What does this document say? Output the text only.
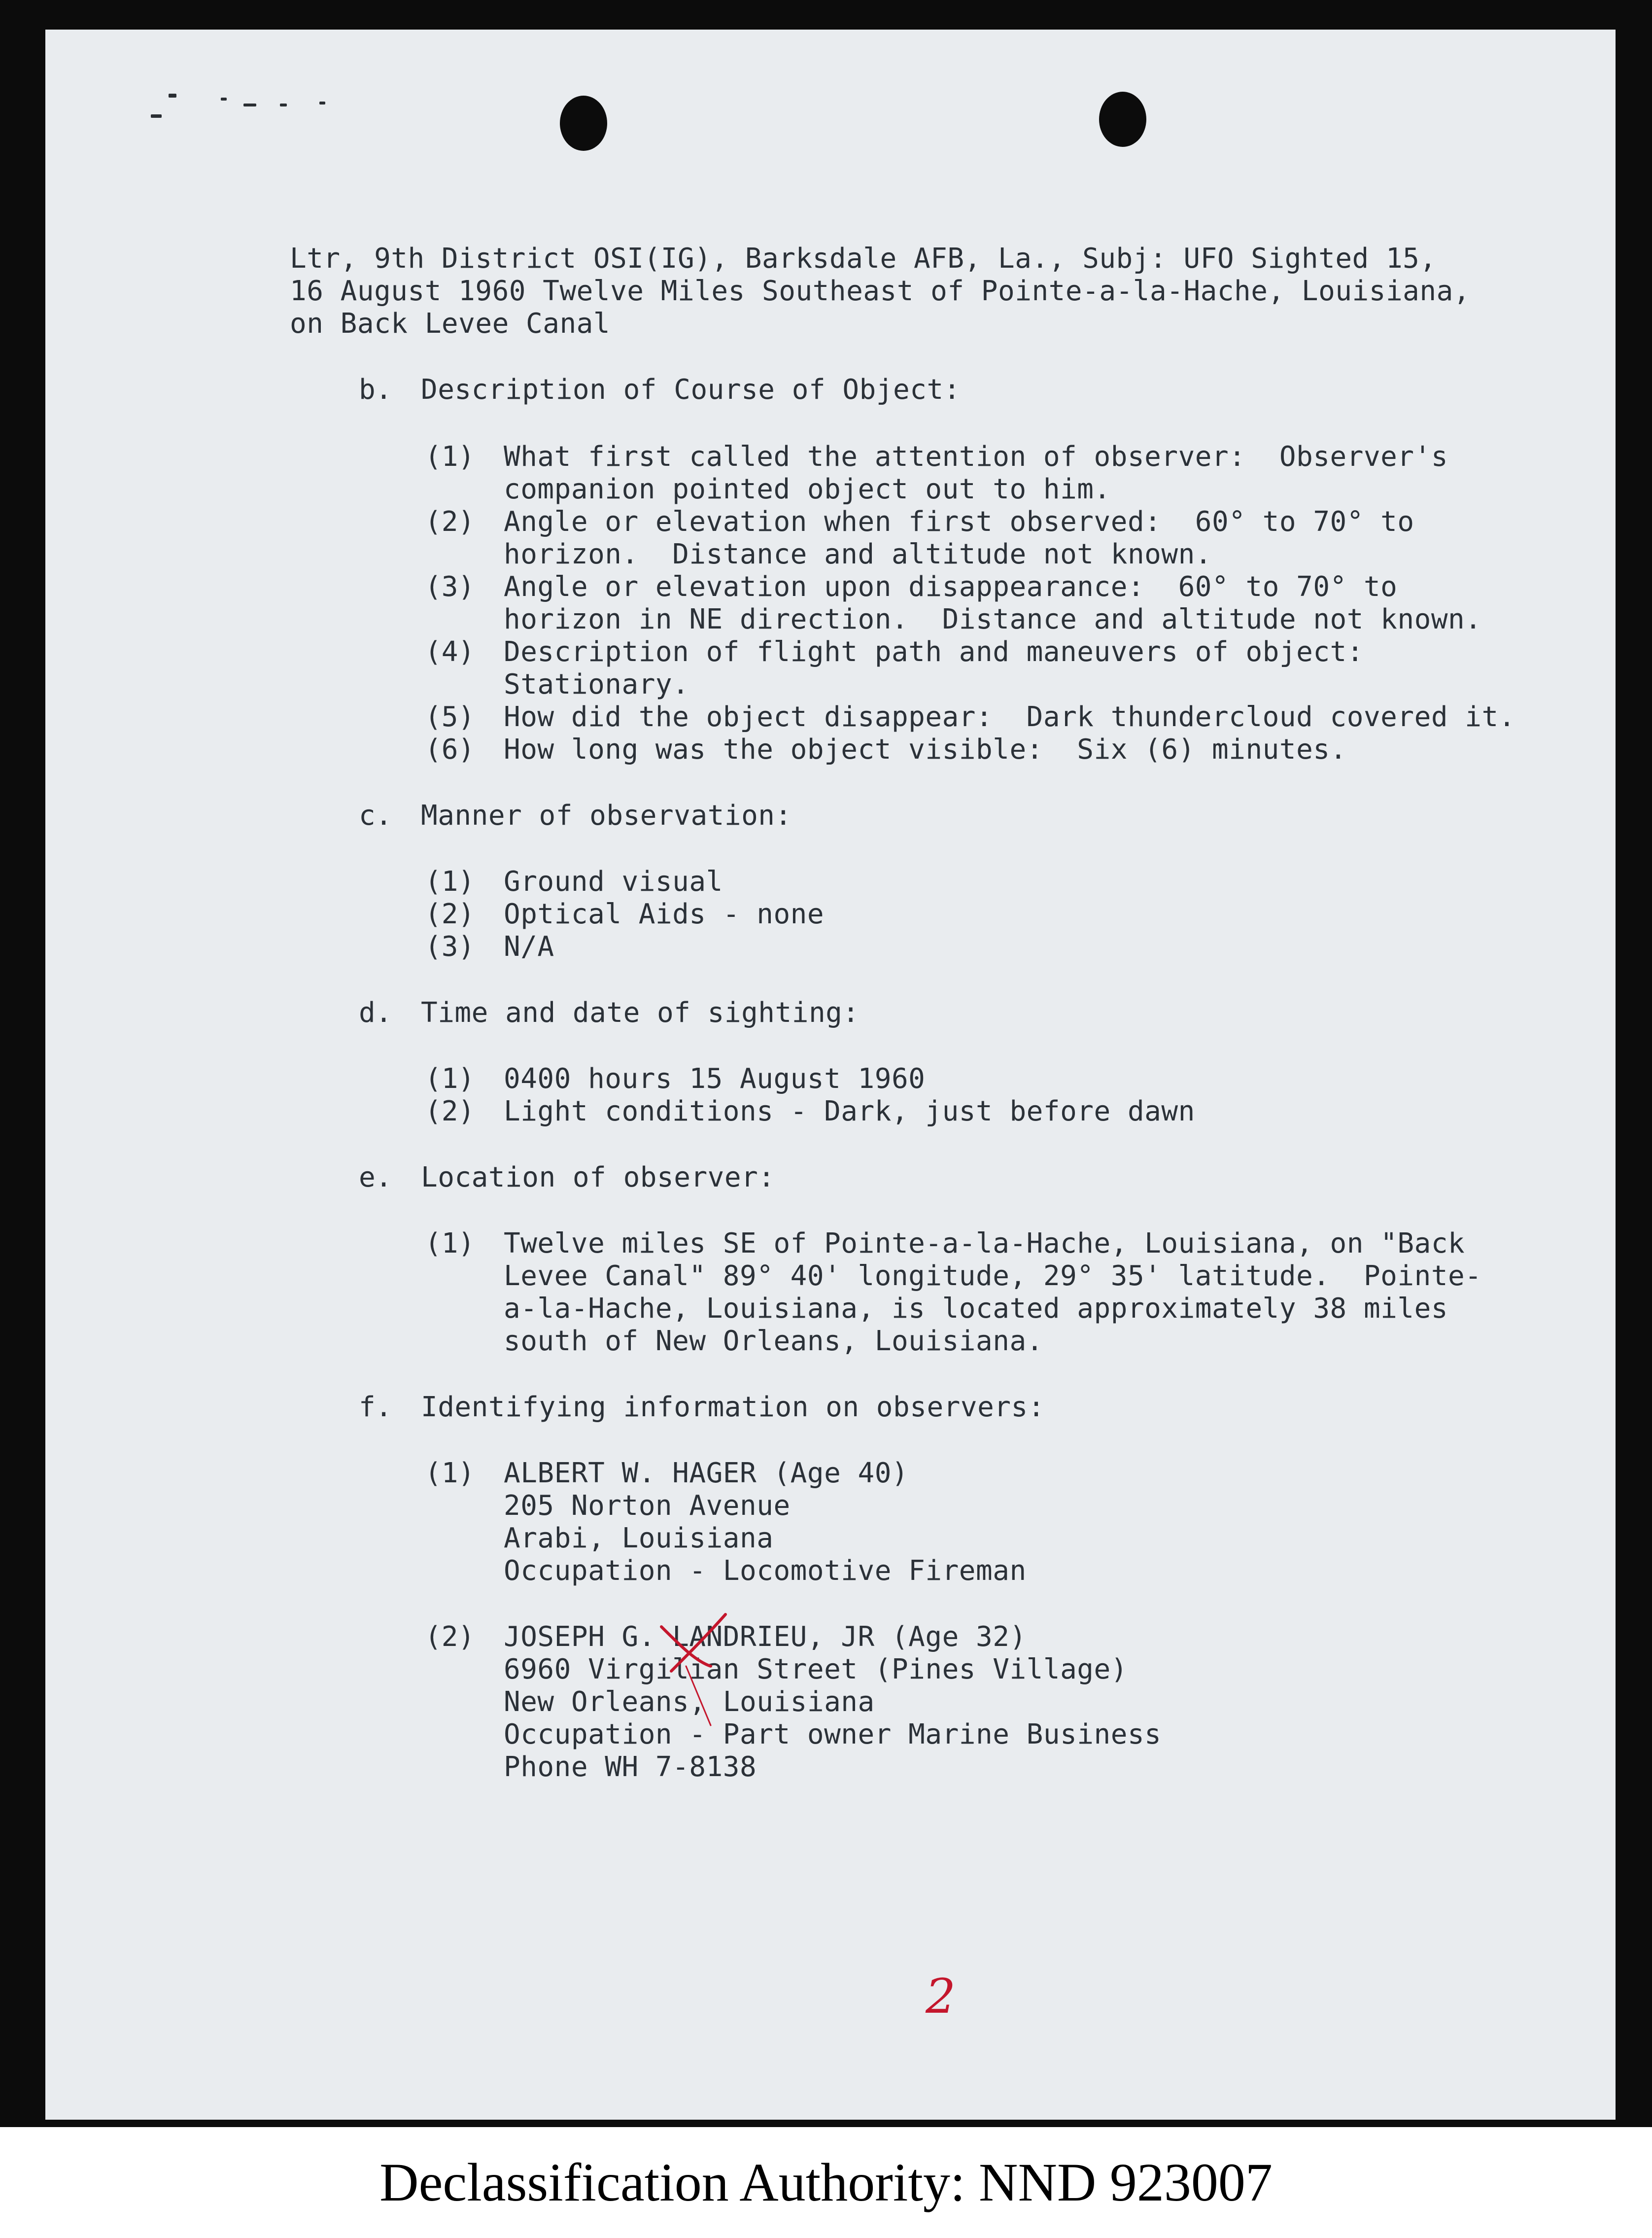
Ltr, 9th District OSI(IG), Barksdale AFB, La., Subj: UFO Sighted 15,
16 August 1960 Twelve Miles Southeast of Pointe-a-la-Hache, Louisiana,
on Back Levee Canal
b. Description of Course of Object:
(1) What first called the attention of observer:  Observer's
companion pointed object out to him.
(2) Angle or elevation when first observed:  60° to 70° to
horizon.  Distance and altitude not known.
(3) Angle or elevation upon disappearance:  60° to 70° to
horizon in NE direction.  Distance and altitude not known.
(4) Description of flight path and maneuvers of object:
Stationary.
(5) How did the object disappear:  Dark thundercloud covered it.
(6) How long was the object visible:  Six (6) minutes.
c. Manner of observation:
(1) Ground visual
(2) Optical Aids - none
(3) N/A
d. Time and date of sighting:
(1) 0400 hours 15 August 1960
(2) Light conditions - Dark, just before dawn
e. Location of observer:
(1) Twelve miles SE of Pointe-a-la-Hache, Louisiana, on "Back
Levee Canal" 89° 40' longitude, 29° 35' latitude.  Pointe-
a-la-Hache, Louisiana, is located approximately 38 miles
south of New Orleans, Louisiana.
f. Identifying information on observers:
(1) ALBERT W. HAGER (Age 40)
205 Norton Avenue
Arabi, Louisiana
Occupation - Locomotive Fireman
(2) JOSEPH G. LANDRIEU, JR (Age 32)
6960 Virgilian Street (Pines Village)
New Orleans, Louisiana
Occupation - Part owner Marine Business
Phone WH 7-8138
2
Declassification Authority: NND 923007
